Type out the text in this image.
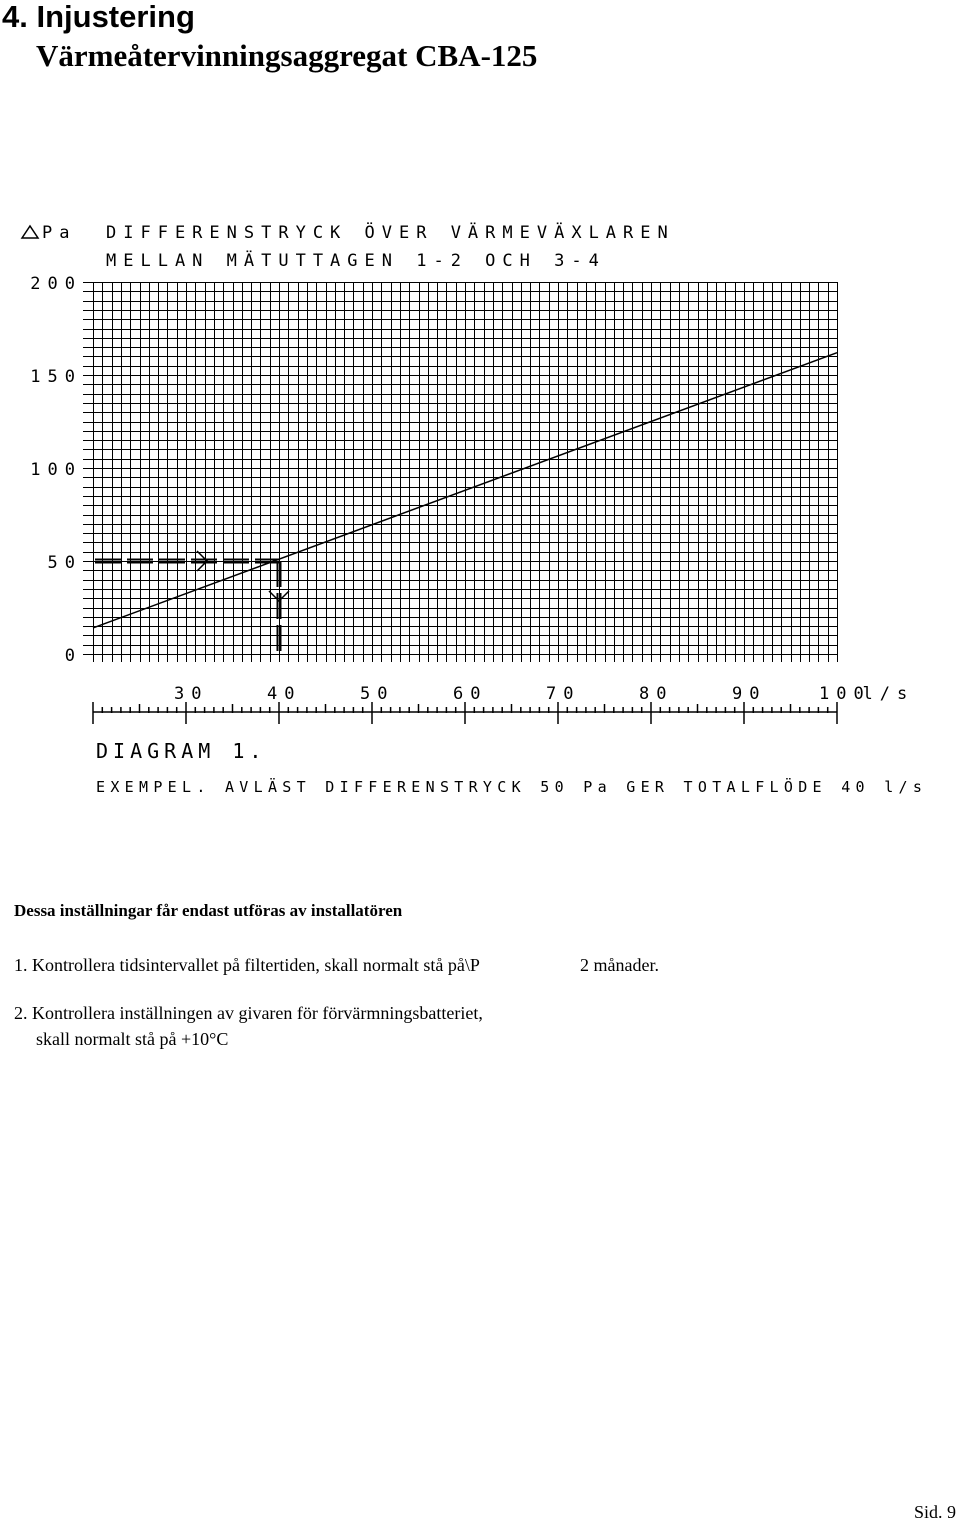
4. Injustering
Värmeåtervinningsaggregat CBA-125
Pa DIFFERENSTRYCK ÖVER VÄRMEVÄXLAREN
MELLAN MÄTUTTAGEN 1-2 OCH 3-4
200
150
100
50
0
30	40	50	60	70	80	90	100
l/s
DIAGRAM 1.
EXEMPEL. AVLÄST DIFFERENSTRYCK 50 Pa GER TOTALFLÖDE 40 l/s
Dessa inställningar får endast utföras av installatören
1. Kontrollera tidsintervallet på filtertiden, skall normalt stå på\P	2 månader.
2. Kontrollera inställningen av givaren för förvärmningsbatteriet,
skall normalt stå på +10°C
Sid. 9
